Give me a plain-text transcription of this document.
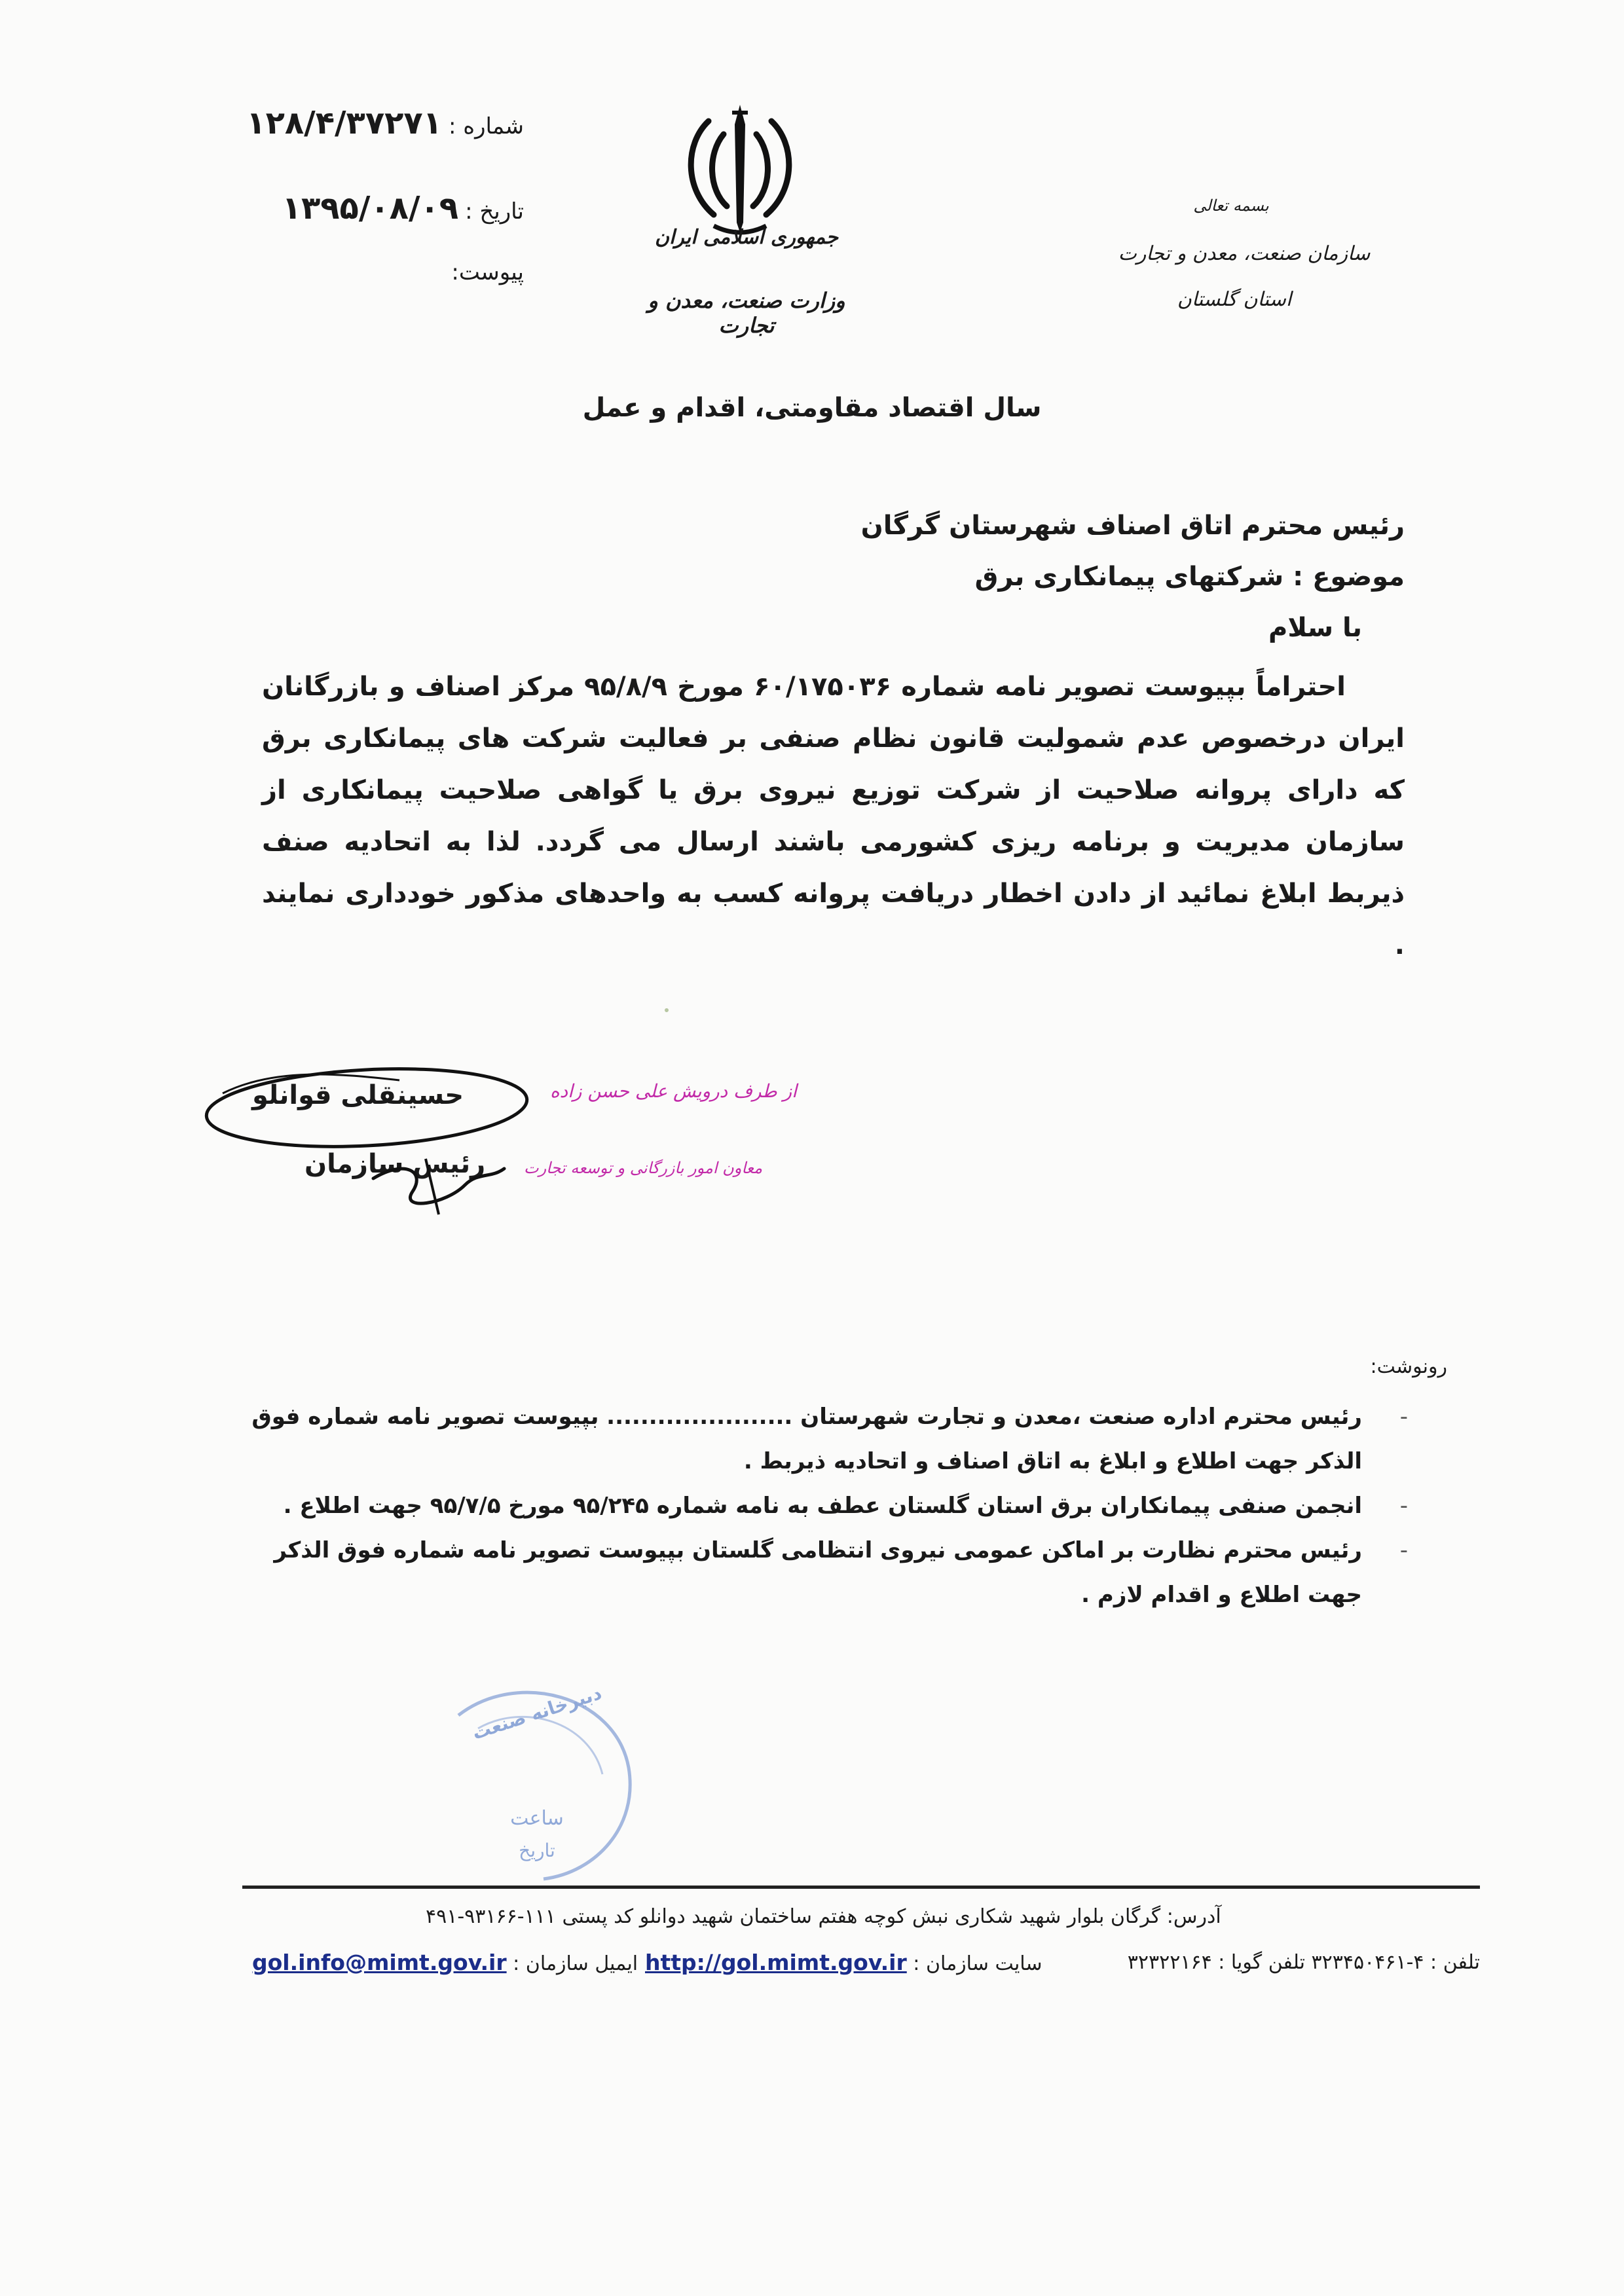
شماره :۱۲۸/۴/۳۷۲۷۱
تاریخ :۱۳۹۵/۰۸/۰۹
پیوست:
جمهوری اسلامی ایران
وزارت صنعت، معدن و تجارت
بسمه تعالی
سازمان صنعت، معدن و تجارت
استان گلستان
سال اقتصاد مقاومتی، اقدام و عمل
رئیس محترم اتاق اصناف شهرستان گرگان
موضوع : شرکتهای پیمانکاری برق
با سلام
احتراماً بپیوست تصویر نامه شماره ۶۰/۱۷۵۰۳۶ مورخ ۹۵/۸/۹ مرکز اصناف و بازرگانان ایران درخصوص عدم شمولیت قانون نظام صنفی بر فعالیت شرکت های پیمانکاری برق که دارای پروانه صلاحیت از شرکت توزیع نیروی برق یا گواهی صلاحیت پیمانکاری از سازمان مدیریت و برنامه ریزی کشورمی باشند ارسال می گردد. لذا به اتحادیه صنف ذیربط ابلاغ نمائید از دادن اخطار دریافت پروانه کسب به واحدهای مذکور خودداری نمایند .
حسینقلی قوانلو
رئیس سازمان
از طرف درویش علی حسن زاده
معاون امور بازرگانی و توسعه تجارت
رونوشت:
-
رئیس محترم اداره صنعت ،معدن و تجارت شهرستان ...................... بپیوست تصویر نامه شماره فوق الذکر جهت اطلاع و ابلاغ به اتاق اصناف و اتحادیه ذیربط .
-
انجمن صنفی پیمانکاران برق استان گلستان عطف به نامه شماره ۹۵/۲۴۵ مورخ ۹۵/۷/۵ جهت اطلاع .
-
رئیس محترم نظارت بر اماکن عمومی نیروی انتظامی گلستان بپیوست تصویر نامه شماره فوق الذکر جهت اطلاع و اقدام لازم .
دبیرخانه صنعت
ساعت
تاریخ
آدرس: گرگان بلوار شهید شکاری نبش کوچه هفتم ساختمان شهید دوانلو کد پستی ۱۱۱-۹۳۱۶۶-۴۹۱
تلفن : ۴-۳۲۳۴۵۰۴۶۱ تلفن گویا : ۳۲۳۲۲۱۶۴
سایت سازمان : http://gol.mimt.gov.ir
ایمیل سازمان : gol.info@mimt.gov.ir
